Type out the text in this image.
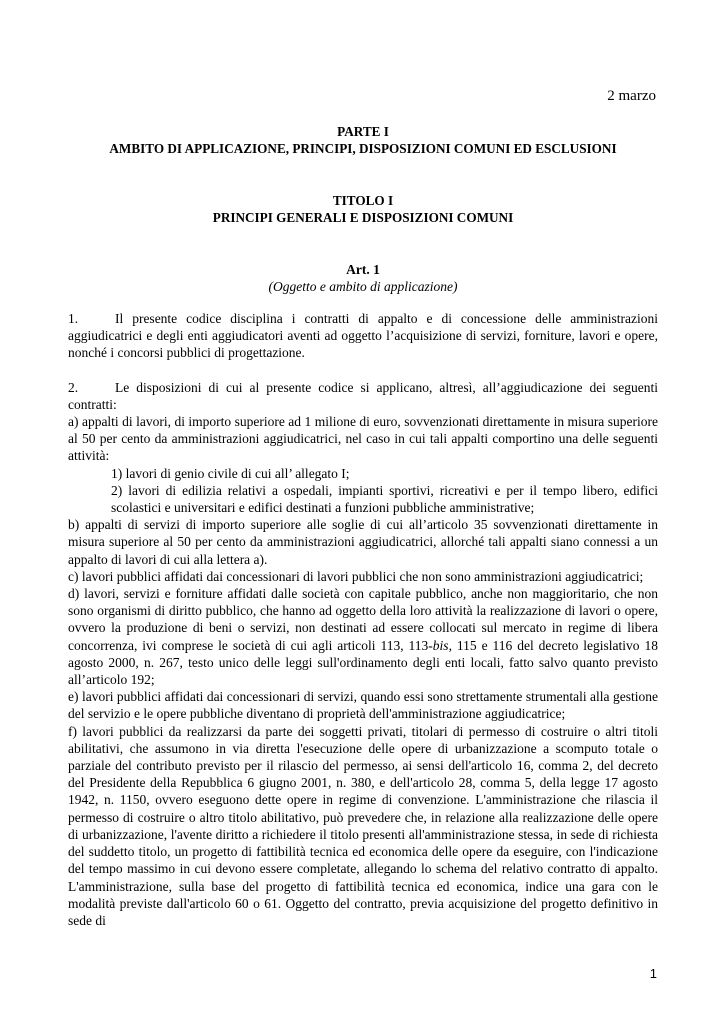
2 marzo
PARTE I
AMBITO DI APPLICAZIONE, PRINCIPI, DISPOSIZIONI COMUNI ED ESCLUSIONI
TITOLO I
PRINCIPI GENERALI E DISPOSIZIONI COMUNI
Art. 1
(Oggetto e ambito di applicazione)

1.	Il presente codice disciplina i contratti di appalto e di concessione delle amministrazioni aggiudicatrici e degli enti aggiudicatori aventi ad oggetto l’acquisizione di servizi, forniture, lavori e opere, nonché i concorsi pubblici di progettazione.

2.	Le disposizioni di cui al presente codice si applicano, altresì, all’aggiudicazione dei seguenti contratti:

a) appalti di lavori, di importo superiore ad 1 milione di euro, sovvenzionati direttamente in misura superiore al 50 per cento da amministrazioni aggiudicatrici, nel caso in cui tali appalti comportino una delle seguenti attività:

1) lavori di genio civile di cui all’ allegato I;

2) lavori di edilizia relativi a ospedali, impianti sportivi, ricreativi e per il tempo libero, edifici scolastici e universitari e edifici destinati a funzioni pubbliche amministrative;

b) appalti di servizi di importo superiore alle soglie di cui all’articolo 35 sovvenzionati direttamente in misura superiore al 50 per cento da amministrazioni aggiudicatrici, allorché tali appalti siano connessi a un appalto di lavori di cui alla lettera a).

c) lavori pubblici affidati dai concessionari di lavori pubblici che non sono amministrazioni aggiudicatrici;

d) lavori, servizi e forniture affidati dalle società con capitale pubblico, anche non maggioritario, che non sono organismi di diritto pubblico, che hanno ad oggetto della loro attività la realizzazione di lavori o opere, ovvero la produzione di beni o servizi, non destinati ad essere collocati sul mercato in regime di libera concorrenza, ivi comprese le società di cui agli articoli 113, 113-bis, 115 e 116 del decreto legislativo 18 agosto 2000, n. 267, testo unico delle leggi sull'ordinamento degli enti locali, fatto salvo quanto previsto all’articolo 192;

e) lavori pubblici affidati dai concessionari di servizi, quando essi sono strettamente strumentali alla gestione del servizio e le opere pubbliche diventano di proprietà dell'amministrazione aggiudicatrice;

f) lavori pubblici da realizzarsi da parte dei soggetti privati, titolari di permesso di costruire o altri titoli abilitativi, che assumono in via diretta l'esecuzione delle opere di urbanizzazione a scomputo totale o parziale del contributo previsto per il rilascio del permesso, ai sensi dell'articolo 16, comma 2, del decreto del Presidente della Repubblica 6 giugno 2001, n. 380, e dell'articolo 28, comma 5, della legge 17 agosto 1942, n. 1150, ovvero eseguono dette opere in regime di convenzione. L'amministrazione che rilascia il permesso di costruire o altro titolo abilitativo, può prevedere che, in relazione alla realizzazione delle opere di urbanizzazione, l'avente diritto a richiedere il titolo presenti all'amministrazione stessa, in sede di richiesta del suddetto titolo, un progetto di fattibilità tecnica ed economica delle opere da eseguire, con l'indicazione del tempo massimo in cui devono essere completate, allegando lo schema del relativo contratto di appalto. L'amministrazione, sulla base del progetto di fattibilità tecnica ed economica, indice una gara con le modalità previste dall'articolo 60 o 61. Oggetto del contratto, previa acquisizione del progetto definitivo in sede di

1
